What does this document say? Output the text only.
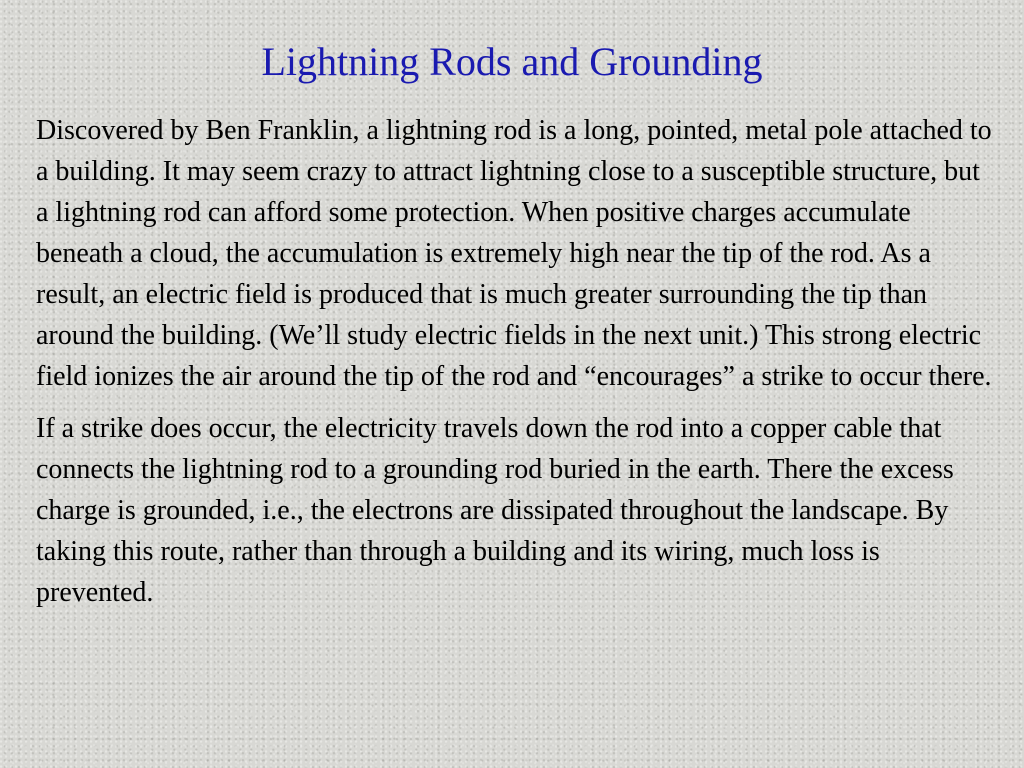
Lightning Rods and Grounding

Discovered by Ben Franklin, a lightning rod is a long, pointed, metal pole attached to a building. It may seem crazy to attract lightning close to a susceptible structure, but a lightning rod can afford some protection. When positive charges accumulate beneath a cloud, the accumulation is extremely high near the tip of the rod. As a result, an electric field is produced that is much greater surrounding the tip than around the building. (We’ll study electric fields in the next unit.) This strong electric field ionizes the air around the tip of the rod and “encourages” a strike to occur there.

If a strike does occur, the electricity travels down the rod into a copper cable that connects the lightning rod to a grounding rod buried in the earth. There the excess charge is grounded, i.e., the electrons are dissipated throughout the landscape. By taking this route, rather than through a building and its wiring, much loss is prevented.
